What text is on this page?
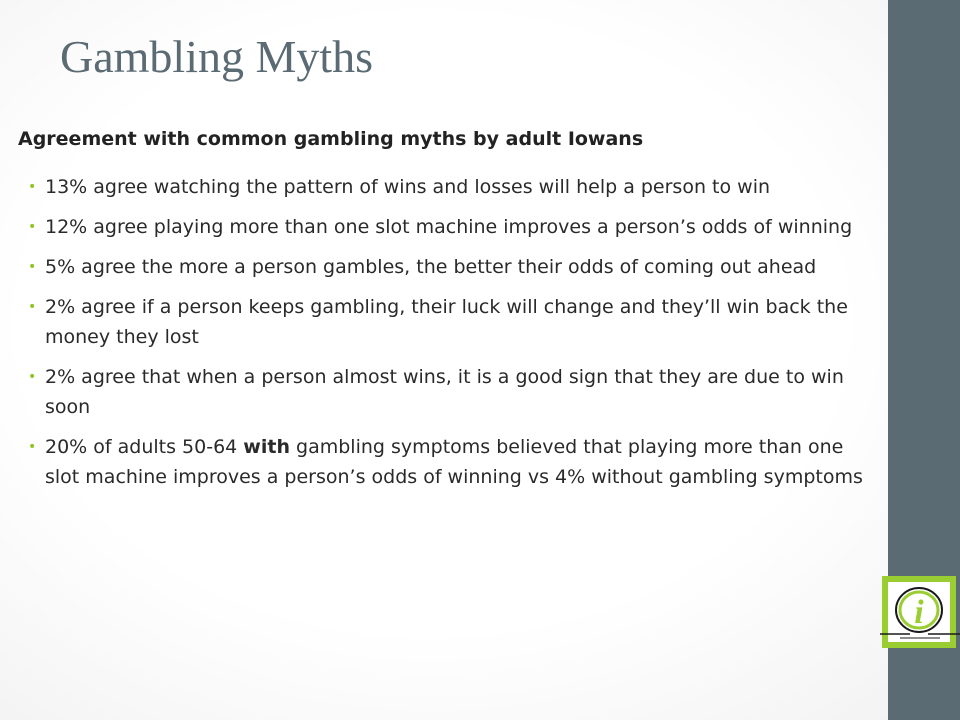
Gambling Myths
Agreement with common gambling myths by adult Iowans
• 13% agree watching the pattern of wins and losses will help a person to win
• 12% agree playing more than one slot machine improves a person’s odds of winning
• 5% agree the more a person gambles, the better their odds of coming out ahead
• 2% agree if a person keeps gambling, their luck will change and they’ll win back the money they lost
• 2% agree that when a person almost wins, it is a good sign that they are due to win soon
• 20% of adults 50-64 with gambling symptoms believed that playing more than one slot machine improves a person’s odds of winning vs 4% without gambling symptoms
i
